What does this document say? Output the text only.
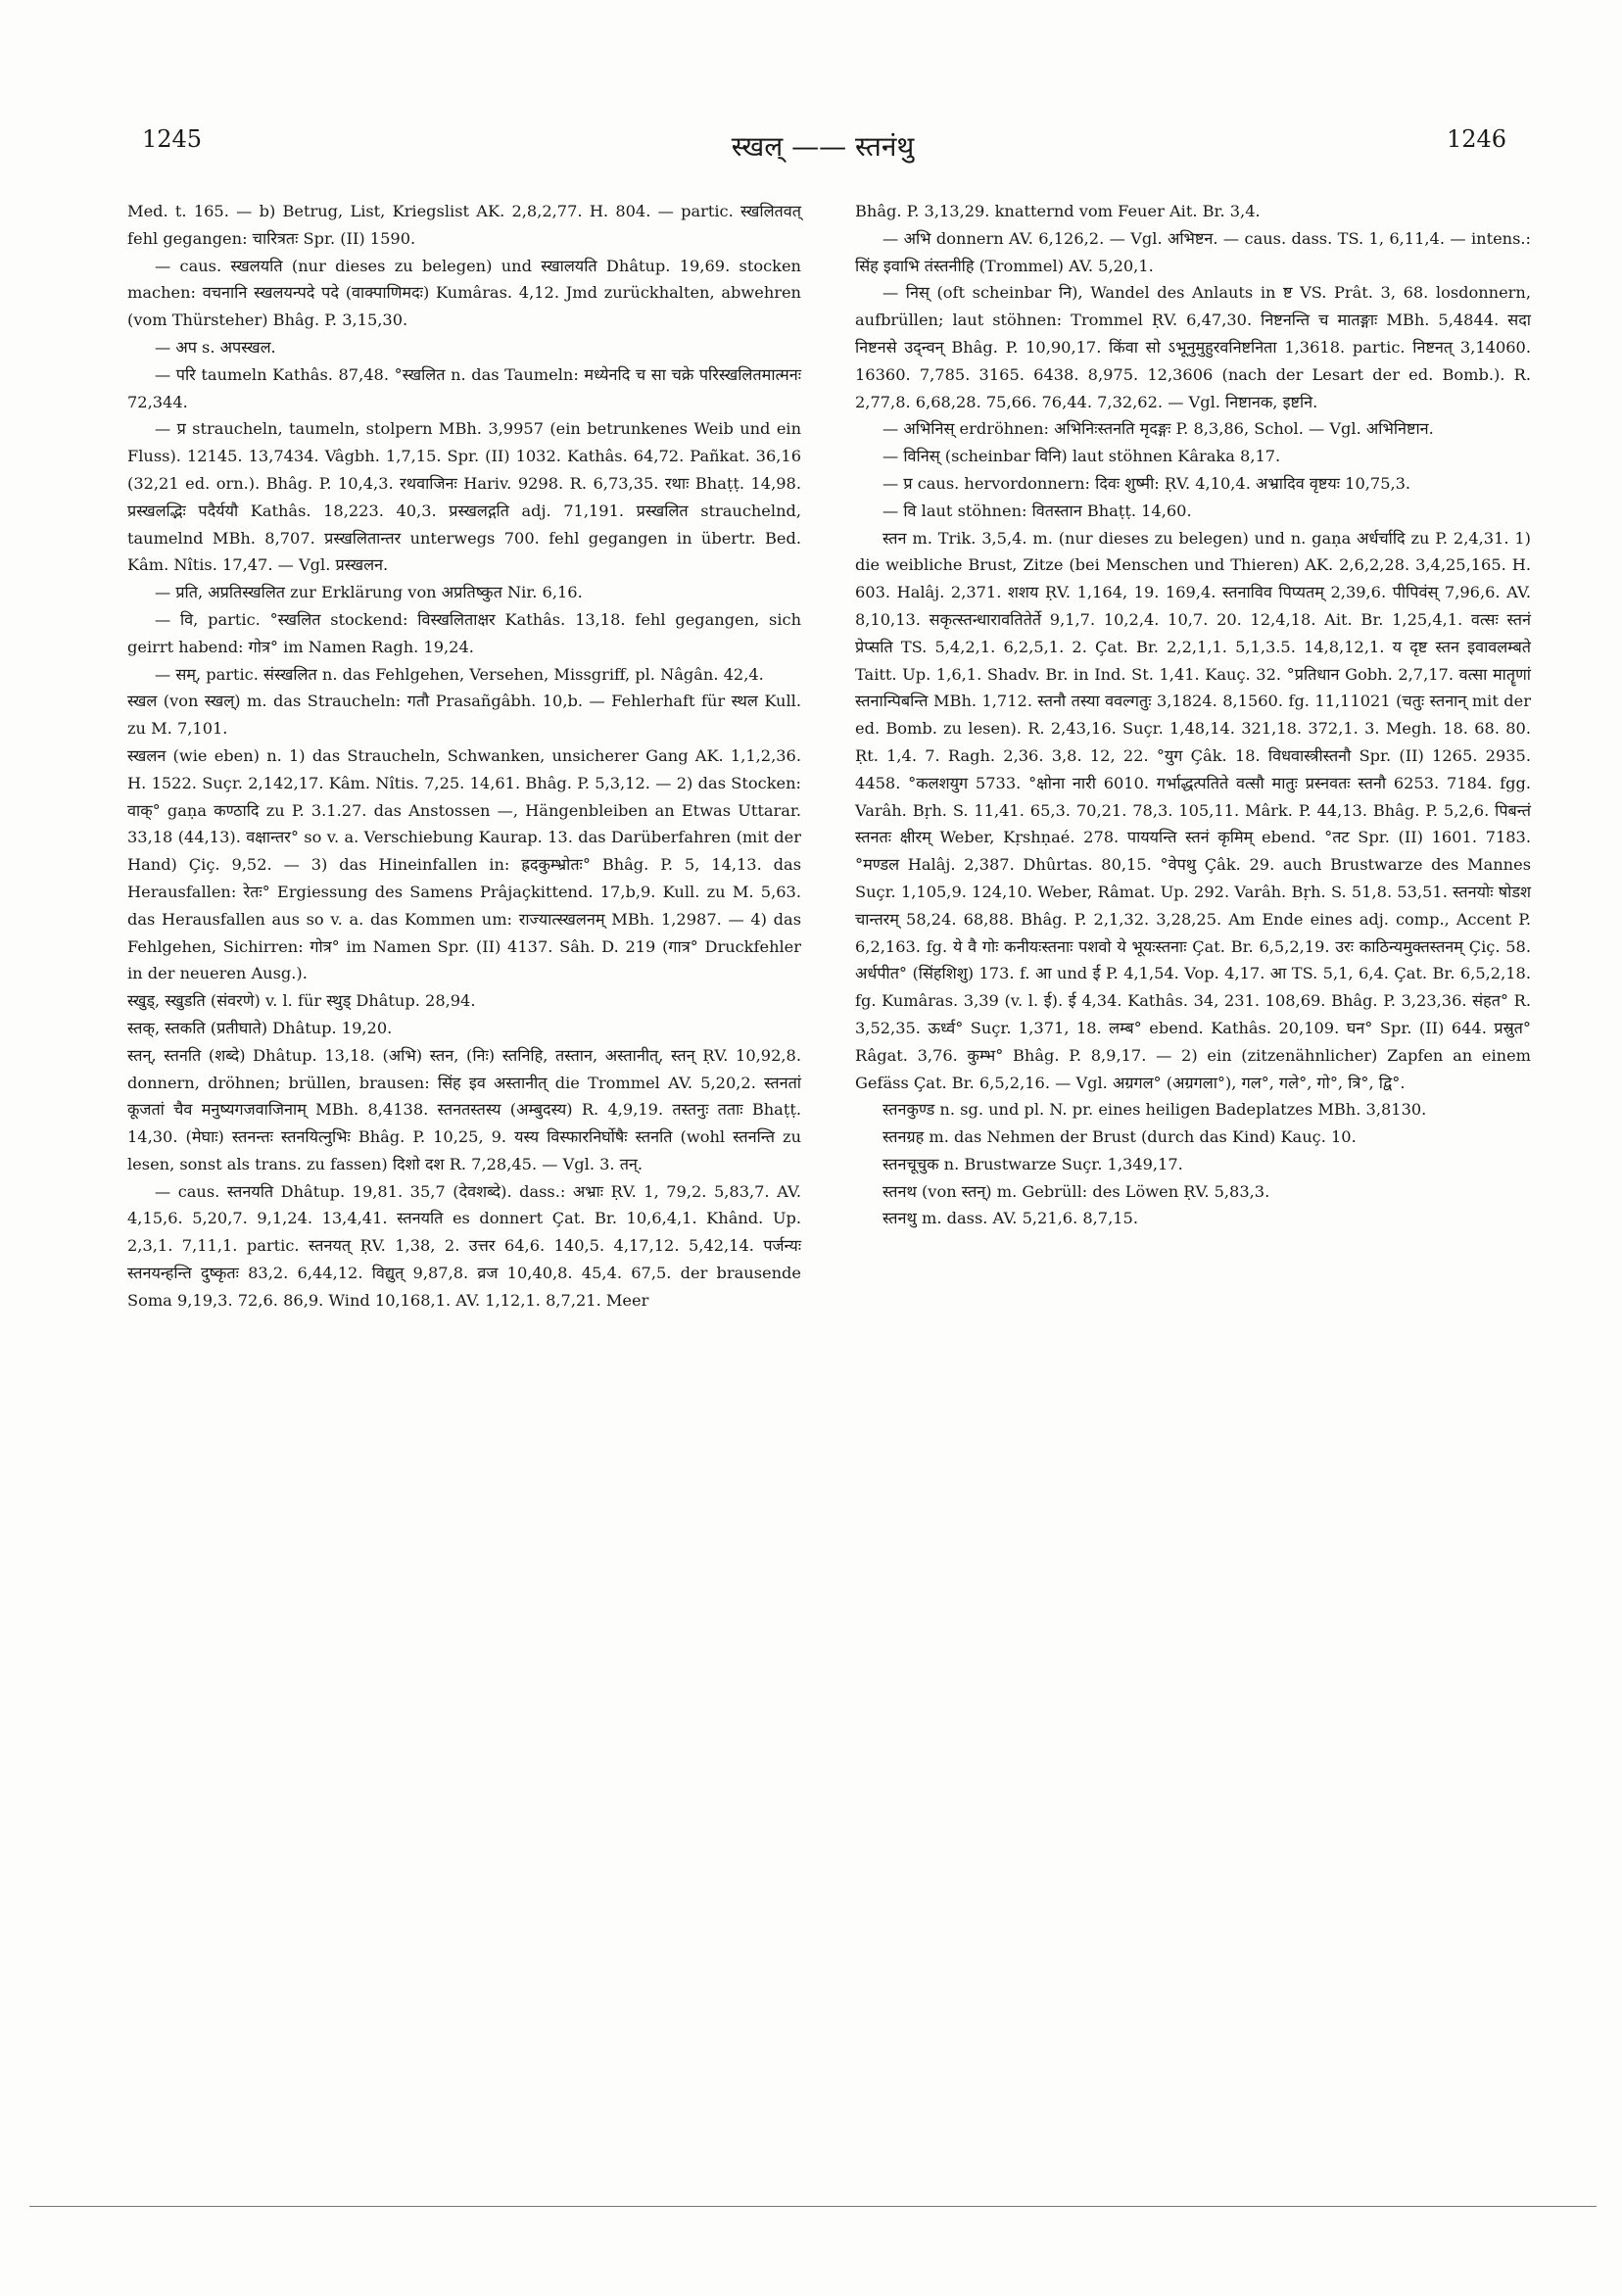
1245	स्खल् —— स्तनंथु	1246

Med. t. 165. — b) Betrug, List, Kriegslist AK. 2,8,2,77. H. 804. — partic. स्खलितवत् fehl gegangen: चारित्रतः Spr. (II) 1590.

— caus. स्खलयति (nur dieses zu belegen) und स्खालयति Dhâtup. 19,69. stocken machen: वचनानि स्खलयन्पदे पदे (वाक्पाणिमदः) Kumâras. 4,12. Jmd zurückhalten, abwehren (vom Thürsteher) Bhâg. P. 3,15,30.

— अप s. अपस्खल.

— परि taumeln Kathâs. 87,48. °स्खलित n. das Taumeln: मध्येनदि च सा चक्रे परिस्खलितमात्मनः 72,344.

— प्र straucheln, taumeln, stolpern MBh. 3,9957 (ein betrunkenes Weib und ein Fluss). 12145. 13,7434. Vâgbh. 1,7,15. Spr. (II) 1032. Kathâs. 64,72. Pañkat. 36,16 (32,21 ed. orn.). Bhâg. P. 10,4,3. रथवाजिनः Hariv. 9298. R. 6,73,35. रथाः Bhaṭṭ. 14,98. प्रस्खलद्भिः पदैर्ययौ Kathâs. 18,223. 40,3. प्रस्खलद्गति adj. 71,191. प्रस्खलित strauchelnd, taumelnd MBh. 8,707. प्रस्खलितान्तर unterwegs 700. fehl gegangen in übertr. Bed. Kâm. Nîtis. 17,47. — Vgl. प्रस्खलन.

— प्रति, अप्रतिस्खलित zur Erklärung von अप्रतिष्कुत Nir. 6,16.

— वि, partic. °स्खलित stockend: विस्खलिताक्षर Kathâs. 13,18. fehl gegangen, sich geirrt habend: गोत्र° im Namen Ragh. 19,24.

— सम्, partic. संस्खलित n. das Fehlgehen, Versehen, Missgriff, pl. Nâgân. 42,4.

स्खल (von स्खल्) m. das Straucheln: गतौ Prasañgâbh. 10,b. — Fehlerhaft für स्थल Kull. zu M. 7,101.

स्खलन (wie eben) n. 1) das Straucheln, Schwanken, unsicherer Gang AK. 1,1,2,36. H. 1522. Suçr. 2,142,17. Kâm. Nîtis. 7,25. 14,61. Bhâg. P. 5,3,12. — 2) das Stocken: वाक्° gaṇa कण्ठादि zu P. 3.1.27. das Anstossen —, Hängenbleiben an Etwas Uttarar. 33,18 (44,13). वक्षान्तर° so v. a. Verschiebung Kaurap. 13. das Darüberfahren (mit der Hand) Çiç. 9,52. — 3) das Hineinfallen in: ह्रदकुम्भ्रोतः° Bhâg. P. 5, 14,13. das Herausfallen: रेतः° Ergiessung des Samens Prâjaçkittend. 17,b,9. Kull. zu M. 5,63. das Herausfallen aus so v. a. das Kommen um: राज्यात्स्खलनम् MBh. 1,2987. — 4) das Fehlgehen, Sichirren: गोत्र° im Namen Spr. (II) 4137. Sâh. D. 219 (गात्र° Druckfehler in der neueren Ausg.).

स्खुड्, स्खुडति (संवरणे) v. l. für स्थुड् Dhâtup. 28,94.

स्तक्, स्तकति (प्रतीघाते) Dhâtup. 19,20.

स्तन्, स्तनति (शब्दे) Dhâtup. 13,18. (अभि) स्तन, (निः) स्तनिहि, तस्तान, अस्तानीत्, स्तन् ṚV. 10,92,8. donnern, dröhnen; brüllen, brausen: सिंह इव अस्तानीत् die Trommel AV. 5,20,2. स्तनतां कूजतां चैव मनुष्यगजवाजिनाम् MBh. 8,4138. स्तनतस्तस्य (अम्बुदस्य) R. 4,9,19. तस्तनुः तताः Bhaṭṭ. 14,30. (मेघाः) स्तनन्तः स्तनयित्नुभिः Bhâg. P. 10,25, 9. यस्य विस्फारनिर्घोषैः स्तनति (wohl स्तनन्ति zu lesen, sonst als trans. zu fassen) दिशो दश R. 7,28,45. — Vgl. 3. तन्.

— caus. स्तनयति Dhâtup. 19,81. 35,7 (देवशब्दे). dass.: अभ्राः ṚV. 1, 79,2. 5,83,7. AV. 4,15,6. 5,20,7. 9,1,24. 13,4,41. स्तनयति es donnert Çat. Br. 10,6,4,1. Khând. Up. 2,3,1. 7,11,1. partic. स्तनयत् ṚV. 1,38, 2. उत्तर 64,6. 140,5. 4,17,12. 5,42,14. पर्जन्यः स्तनयन्हन्ति दुष्कृतः 83,2. 6,44,12. विद्युत् 9,87,8. व्रज 10,40,8. 45,4. 67,5. der brausende Soma 9,19,3. 72,6. 86,9. Wind 10,168,1. AV. 1,12,1. 8,7,21. Meer

Bhâg. P. 3,13,29. knatternd vom Feuer Ait. Br. 3,4.

— अभि donnern AV. 6,126,2. — Vgl. अभिष्टन. — caus. dass. TS. 1, 6,11,4. — intens.: सिंह इवाभि तंस्तनीहि (Trommel) AV. 5,20,1.

— निस् (oft scheinbar नि), Wandel des Anlauts in ष्ट VS. Prât. 3, 68. losdonnern, aufbrüllen; laut stöhnen: Trommel ṚV. 6,47,30. निष्टनन्ति च मातङ्गाः MBh. 5,4844. सदा निष्टनसे उद्न्वन् Bhâg. P. 10,90,17. किंवा सो ऽभूनुमुहुरवनिष्टनिता 1,3618. partic. निष्टनत् 3,14060. 16360. 7,785. 3165. 6438. 8,975. 12,3606 (nach der Lesart der ed. Bomb.). R. 2,77,8. 6,68,28. 75,66. 76,44. 7,32,62. — Vgl. निष्टानक, इष्टनि.

— अभिनिस् erdröhnen: अभिनिःस्तनति मृदङ्गः P. 8,3,86, Schol. — Vgl. अभिनिष्टान.

— विनिस् (scheinbar विनि) laut stöhnen Kâraka 8,17.

— प्र caus. hervordonnern: दिवः शुष्मी: ṚV. 4,10,4. अभ्रादिव वृष्टयः 10,75,3.

— वि laut stöhnen: वितस्तान Bhaṭṭ. 14,60.

स्तन m. Trik. 3,5,4. m. (nur dieses zu belegen) und n. gaṇa अर्धर्चादि zu P. 2,4,31. 1) die weibliche Brust, Zitze (bei Menschen und Thieren) AK. 2,6,2,28. 3,4,25,165. H. 603. Halâj. 2,371. शशय ṚV. 1,164, 19. 169,4. स्तनाविव पिप्यतम् 2,39,6. पीपिवंस् 7,96,6. AV. 8,10,13. सकृत्स्तन्धारावतितेर्ते 9,1,7. 10,2,4. 10,7. 20. 12,4,18. Ait. Br. 1,25,4,1. वत्सः स्तनं प्रेप्सति TS. 5,4,2,1. 6,2,5,1. 2. Çat. Br. 2,2,1,1. 5,1,3.5. 14,8,12,1. य दृष्ट स्तन इवावलम्बते Taitt. Up. 1,6,1. Shadv. Br. in Ind. St. 1,41. Kauç. 32. °प्रतिधान Gobh. 2,7,17. वत्सा मातॄणां स्तनान्पिबन्ति MBh. 1,712. स्तनौ तस्या ववल्गतुः 3,1824. 8,1560. fg. 11,11021 (चतुः स्तनान् mit der ed. Bomb. zu lesen). R. 2,43,16. Suçr. 1,48,14. 321,18. 372,1. 3. Megh. 18. 68. 80. Ṛt. 1,4. 7. Ragh. 2,36. 3,8. 12, 22. °युग Çâk. 18. विधवास्त्रीस्तनौ Spr. (II) 1265. 2935. 4458. °कलशयुग 5733. °क्षोना नारी 6010. गर्भाद्धत्पतिते वत्सौ मातुः प्रस्नवतः स्तनौ 6253. 7184. fgg. Varâh. Bṛh. S. 11,41. 65,3. 70,21. 78,3. 105,11. Mârk. P. 44,13. Bhâg. P. 5,2,6. पिबन्तं स्तनतः क्षीरम् Weber, Kṛshṇaé. 278. पाययन्ति स्तनं कृमिम् ebend. °तट Spr. (II) 1601. 7183. °मण्डल Halâj. 2,387. Dhûrtas. 80,15. °वेपथु Çâk. 29. auch Brustwarze des Mannes Suçr. 1,105,9. 124,10. Weber, Râmat. Up. 292. Varâh. Bṛh. S. 51,8. 53,51. स्तनयोः षोडश चान्तरम् 58,24. 68,88. Bhâg. P. 2,1,32. 3,28,25. Am Ende eines adj. comp., Accent P. 6,2,163. fg. ये वै गोः कनीयःस्तनाः पशवो ये भूयःस्तनाः Çat. Br. 6,5,2,19. उरः काठिन्यमुक्तस्तनम् Çiç. 58. अर्धपीत° (सिंहशिशु) 173. f. आ und ई P. 4,1,54. Vop. 4,17. आ TS. 5,1, 6,4. Çat. Br. 6,5,2,18. fg. Kumâras. 3,39 (v. l. ई). ई 4,34. Kathâs. 34, 231. 108,69. Bhâg. P. 3,23,36. संहत° R. 3,52,35. ऊर्ध्व° Suçr. 1,371, 18. लम्ब° ebend. Kathâs. 20,109. घन° Spr. (II) 644. प्रस्रुत° Râgat. 3,76. कुम्भ° Bhâg. P. 8,9,17. — 2) ein (zitzenähnlicher) Zapfen an einem Gefäss Çat. Br. 6,5,2,16. — Vgl. अग्रगल° (अग्रगला°), गल°, गले°, गो°, त्रि°, द्वि°.

स्तनकुण्ड n. sg. und pl. N. pr. eines heiligen Badeplatzes MBh. 3,8130.

स्तनग्रह m. das Nehmen der Brust (durch das Kind) Kauç. 10.

स्तनचूचुक n. Brustwarze Suçr. 1,349,17.

स्तनथ (von स्तन्) m. Gebrüll: des Löwen ṚV. 5,83,3.

स्तनथु m. dass. AV. 5,21,6. 8,7,15.
